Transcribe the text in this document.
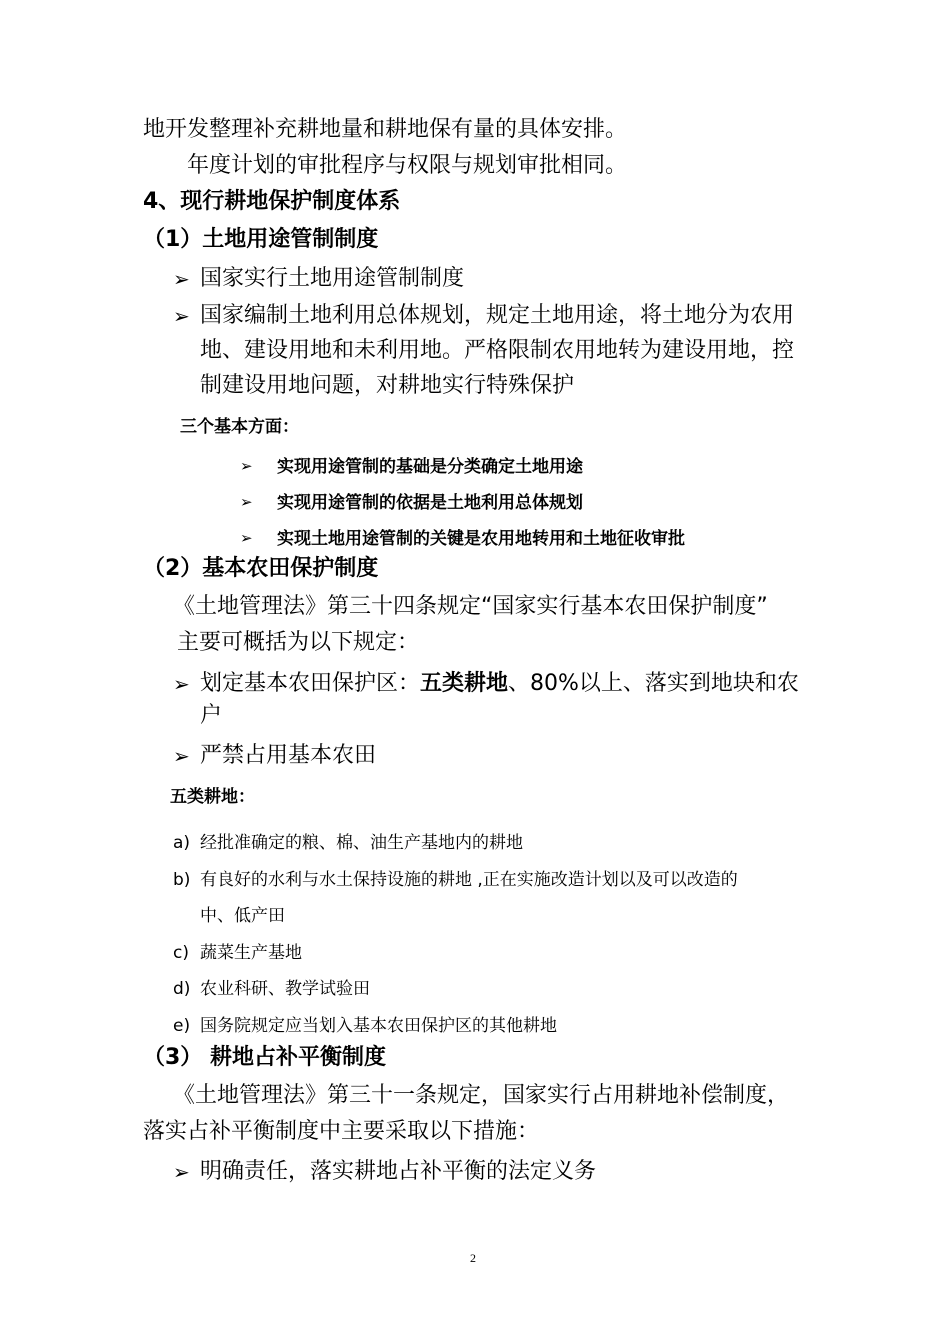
地开发整理补充耕地量和耕地保有量的具体安排。
年度计划的审批程序与权限与规划审批相同。
4、现行耕地保护制度体系
（1）土地用途管制制度
➢ 国家实行土地用途管制制度
➢ 国家编制土地利用总体规划，规定土地用途，将土地分为农用
地、建设用地和未利用地。严格限制农用地转为建设用地，控
制建设用地问题，对耕地实行特殊保护
三个基本方面：
➢ 实现用途管制的基础是分类确定土地用途
➢ 实现用途管制的依据是土地利用总体规划
➢ 实现土地用途管制的关键是农用地转用和土地征收审批
（2）基本农田保护制度
《土地管理法》第三十四条规定“国家实行基本农田保护制度”
主要可概括为以下规定：
➢ 划定基本农田保护区：五类耕地、80%以上、落实到地块和农
户
➢ 严禁占用基本农田
五类耕地：
a) 经批准确定的粮、棉、油生产基地内的耕地
b) 有良好的水利与水土保持设施的耕地 ,正在实施改造计划以及可以改造的
中、低产田
c) 蔬菜生产基地
d) 农业科研、教学试验田
e) 国务院规定应当划入基本农田保护区的其他耕地
（3） 耕地占补平衡制度
《土地管理法》第三十一条规定，国家实行占用耕地补偿制度，
落实占补平衡制度中主要采取以下措施：
➢ 明确责任，落实耕地占补平衡的法定义务
2
